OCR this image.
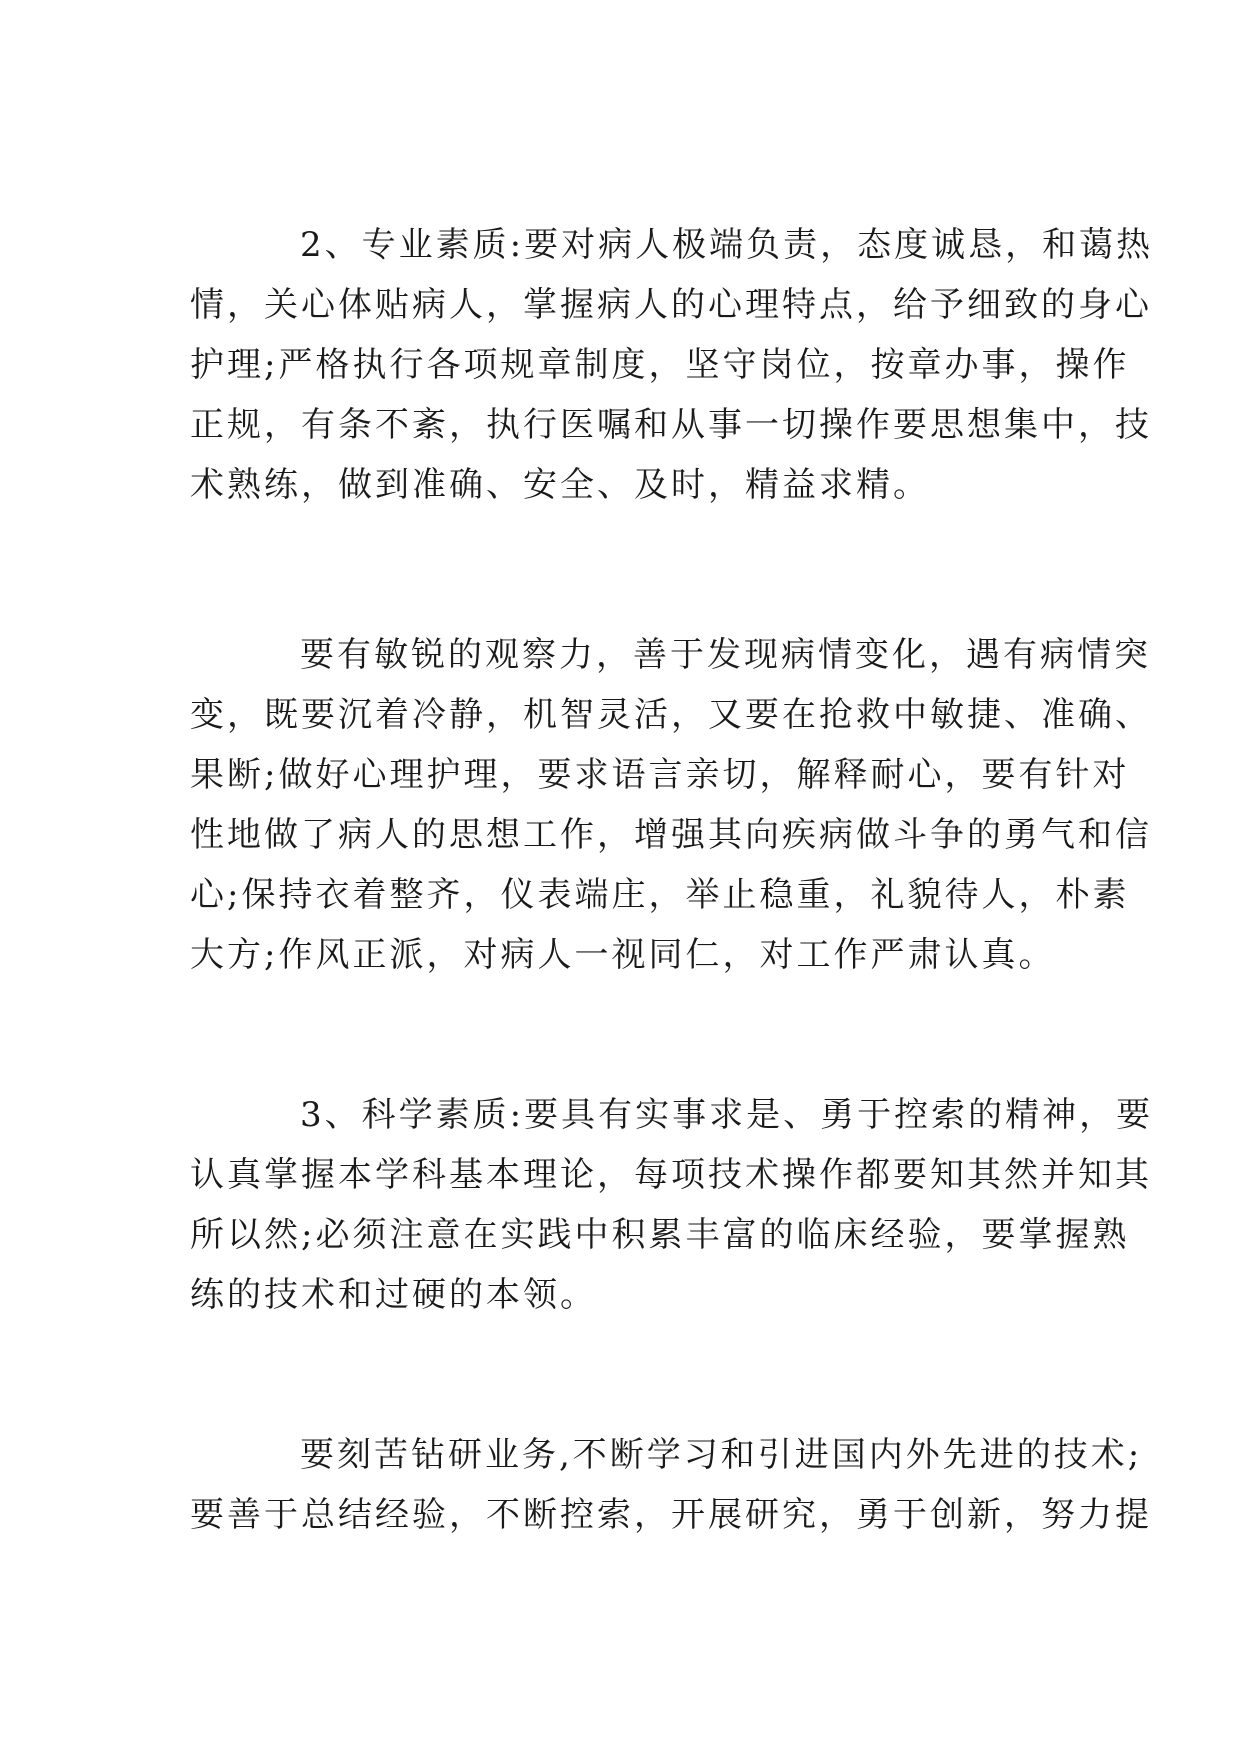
2、专业素质:要对病人极端负责，态度诚恳，和蔼热
情，关心体贴病人，掌握病人的心理特点，给予细致的身心
护理;严格执行各项规章制度，坚守岗位，按章办事，操作
正规，有条不紊，执行医嘱和从事一切操作要思想集中，技
术熟练，做到准确、安全、及时，精益求精。
要有敏锐的观察力，善于发现病情变化，遇有病情突
变，既要沉着冷静，机智灵活，又要在抢救中敏捷、准确、
果断;做好心理护理，要求语言亲切，解释耐心，要有针对
性地做了病人的思想工作，增强其向疾病做斗争的勇气和信
心;保持衣着整齐，仪表端庄，举止稳重，礼貌待人，朴素
大方;作风正派，对病人一视同仁，对工作严肃认真。
3、科学素质:要具有实事求是、勇于控索的精神，要
认真掌握本学科基本理论，每项技术操作都要知其然并知其
所以然;必须注意在实践中积累丰富的临床经验，要掌握熟
练的技术和过硬的本领。
要刻苦钻研业务,不断学习和引进国内外先进的技术;
要善于总结经验，不断控索，开展研究，勇于创新，努力提
